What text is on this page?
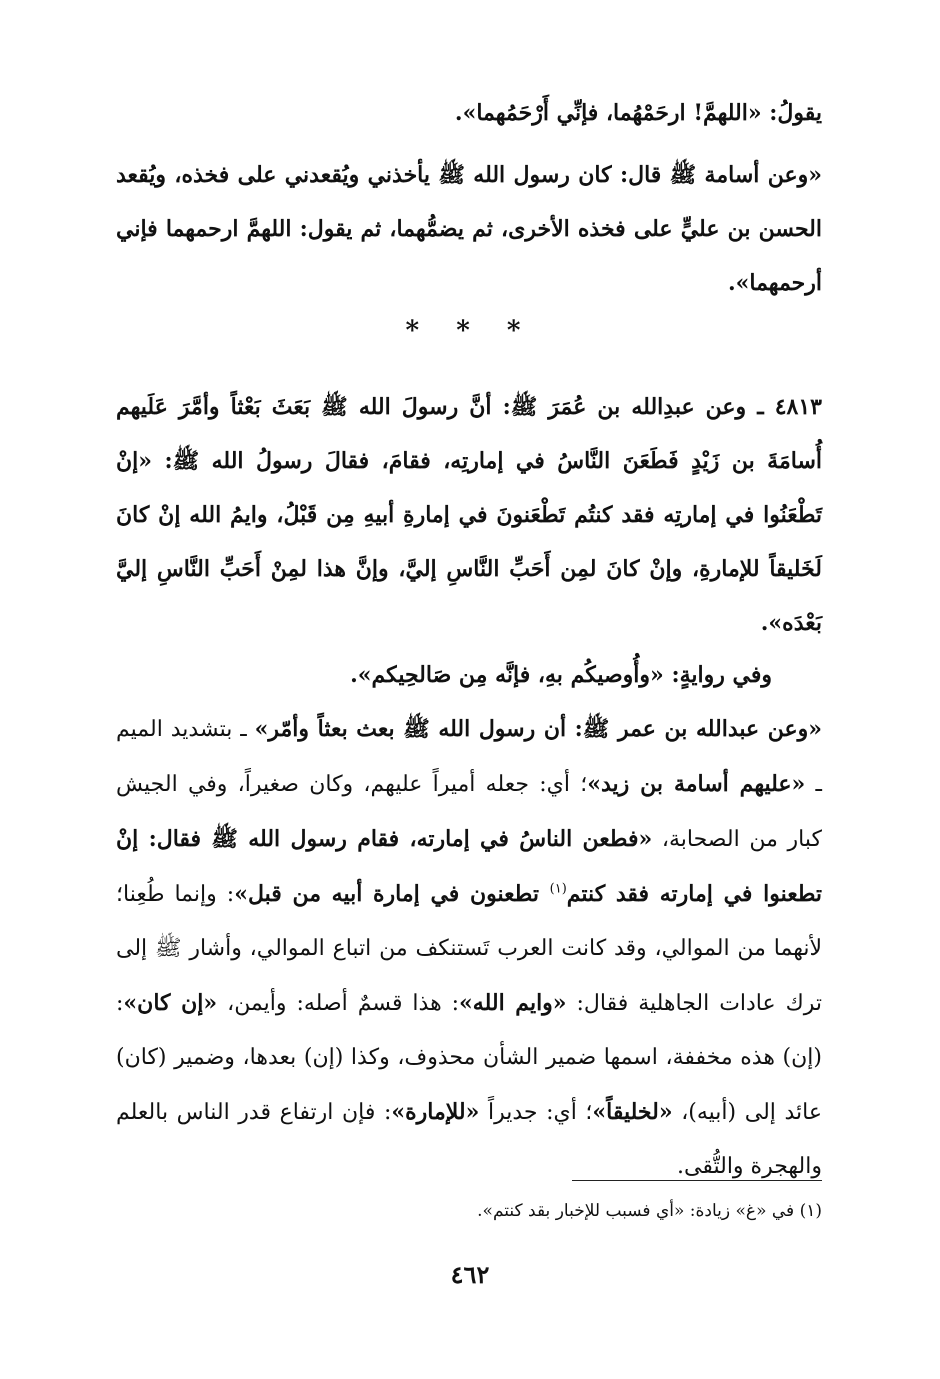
يقولُ: «اللهمَّ! ارحَمْهُما، فإنِّي أَرْحَمُهما».

«وعن أسامة ﷺ قال: كان رسول الله ﷺ يأخذني ويُقعدني على فخذه، ويُقعد الحسن بن عليٍّ على فخذه الأخرى، ثم يضمُّهما، ثم يقول: اللهمَّ ارحمهما فإني أرحمهما».

* * *

٤٨١٣ ـ وعن عبدِالله بن عُمَرَ ﷺ: أنَّ رسولَ الله ﷺ بَعَثَ بَعْثاً وأمَّرَ عَلَيهم أُسامَةَ بن زَيْدٍ فَطَعَنَ النَّاسُ في إمارتِه، فقامَ، فقالَ رسولُ الله ﷺ: «إنْ تَطْعَنُوا في إمارتِه فقد كنتُم تَطْعَنونَ في إمارةِ أبيهِ مِن قَبْلُ، وايمُ الله إنْ كانَ لَخَليقاً للإمارةِ، وإنْ كانَ لمِن أَحَبِّ النَّاسِ إليَّ، وإنَّ هذا لمِنْ أَحَبِّ النَّاسِ إليَّ بَعْدَه».

وفي روايةٍ: «وأُوصيكُم بهِ، فإنَّه مِن صَالحِيكم».

«وعن عبدالله بن عمر ﷺ: أن رسول الله ﷺ بعث بعثاً وأمّر» ـ بتشديد الميم ـ «عليهم أسامة بن زيد»؛ أي: جعله أميراً عليهم، وكان صغيراً، وفي الجيش كبار من الصحابة، «فطعن الناسُ في إمارته، فقام رسول الله ﷺ فقال: إنْ تطعنوا في إمارته فقد كنتم$^{(١)}$ تطعنون في إمارة أبيه من قبل»: وإنما طُعِنا؛ لأنهما من الموالي، وقد كانت العرب تَستنكف من اتباع الموالي، وأشار ﷺ إلى ترك عادات الجاهلية فقال: «وايم الله»: هذا قسمٌ أصله: وأيمن، «إن كان»: (إن) هذه مخففة، اسمها ضمير الشأن محذوف، وكذا (إن) بعدها، وضمير (كان) عائد إلى (أبيه)، «لخليقاً»؛ أي: جديراً «للإمارة»: فإن ارتفاع قدر الناس بالعلم والهجرة والتُّقى.

(١) في «غ» زيادة: «أي فسبب للإخبار بقد كنتم».

٤٦٢
